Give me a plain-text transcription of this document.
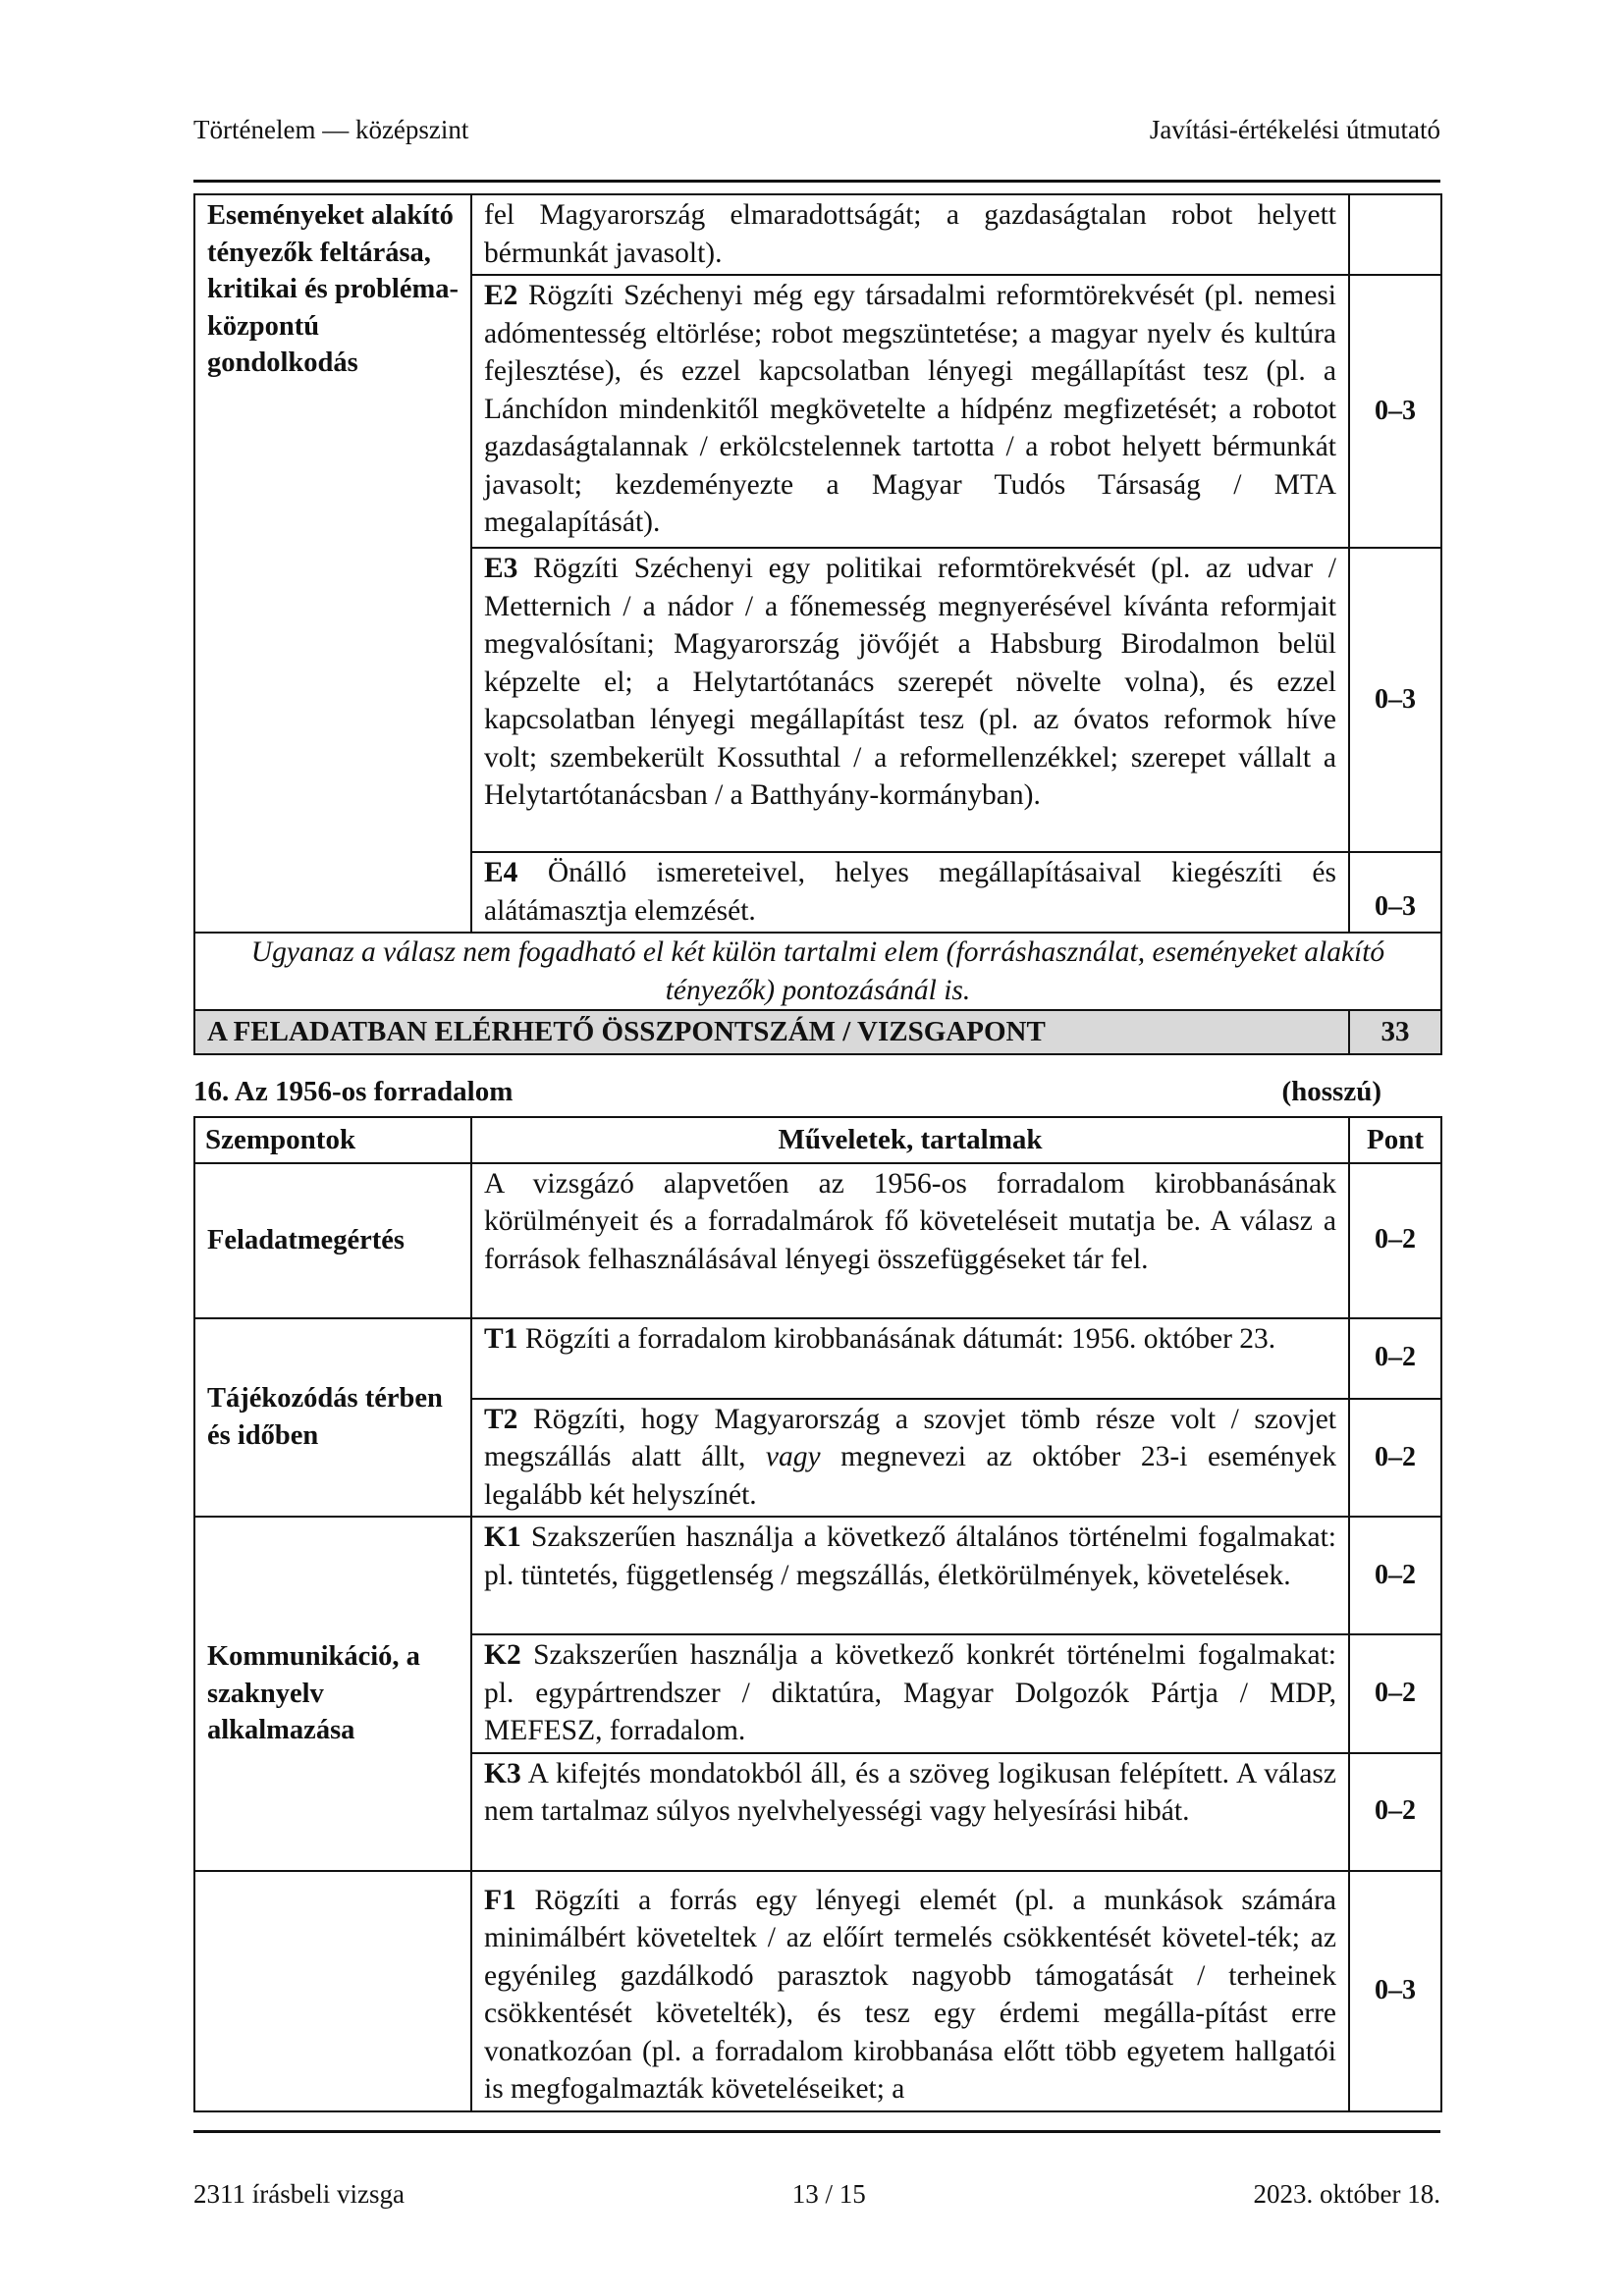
Történelem — középszint	Javítási-értékelési útmutató
Eseményeket alakító tényezők feltárása, kritikai és probléma-központú gondolkodás	fel Magyarország elmaradottságát; a gazdaságtalan robot helyett bérmunkát javasolt).	
	E2 Rögzíti Széchenyi még egy társadalmi reformtörekvését (pl. nemesi adómentesség eltörlése; robot megszüntetése; a magyar nyelv és kultúra fejlesztése), és ezzel kapcsolatban lényegi megállapítást tesz (pl. a Lánchídon mindenkitől megkövetelte a hídpénz megfizetését; a robotot gazdaságtalannak / erkölcstelennek tartotta / a robot helyett bérmunkát javasolt; kezdeményezte a Magyar Tudós Társaság / MTA megalapítását).	0–3
	E3 Rögzíti Széchenyi egy politikai reformtörekvését (pl. az udvar / Metternich / a nádor / a főnemesség megnyerésével kívánta reformjait megvalósítani; Magyarország jövőjét a Habsburg Birodalmon belül képzelte el; a Helytartótanács szerepét növelte volna), és ezzel kapcsolatban lényegi megállapítást tesz (pl. az óvatos reformok híve volt; szembekerült Kossuthtal / a reformellenzékkel; szerepet vállalt a Helytartótanácsban / a Batthyány-kormányban).	0–3
	E4 Önálló ismereteivel, helyes megállapításaival kiegészíti és alátámasztja elemzését.	0–3
Ugyanaz a válasz nem fogadható el két külön tartalmi elem (forráshasználat, eseményeket alakító tényezők) pontozásánál is.		
A FELADATBAN ELÉRHETŐ ÖSSZPONTSZÁM / VIZSGAPONT		33
16. Az 1956-os forradalom	(hosszú)
Szempontok	Műveletek, tartalmak	Pont
Feladatmegértés	A vizsgázó alapvetően az 1956-os forradalom kirobbanásának körülményeit és a forradalmárok fő követeléseit mutatja be. A válasz a források felhasználásával lényegi összefüggéseket tár fel.	0–2
Tájékozódás térben és időben	T1 Rögzíti a forradalom kirobbanásának dátumát: 1956. október 23.	0–2
	T2 Rögzíti, hogy Magyarország a szovjet tömb része volt / szovjet megszállás alatt állt, vagy megnevezi az október 23-i események legalább két helyszínét.	0–2
Kommunikáció, a szaknyelv alkalmazása	K1 Szakszerűen használja a következő általános történelmi fogalmakat: pl. tüntetés, függetlenség / megszállás, életkörülmények, követelések.	0–2
	K2 Szakszerűen használja a következő konkrét történelmi fogalmakat: pl. egypártrendszer / diktatúra, Magyar Dolgozók Pártja / MDP, MEFESZ, forradalom.	0–2
	K3 A kifejtés mondatokból áll, és a szöveg logikusan felépített. A válasz nem tartalmaz súlyos nyelvhelyességi vagy helyesírási hibát.	0–2
	F1 Rögzíti a forrás egy lényegi elemét (pl. a munkások számára minimálbért követeltek / az előírt termelés csökkentését követel-ték; az egyénileg gazdálkodó parasztok nagyobb támogatását / terheinek csökkentését követelték), és tesz egy érdemi megálla-pítást erre vonatkozóan (pl. a forradalom kirobbanása előtt több egyetem hallgatói is megfogalmazták követeléseiket; a	0–3
2311 írásbeli vizsga	13 / 15	2023. október 18.
